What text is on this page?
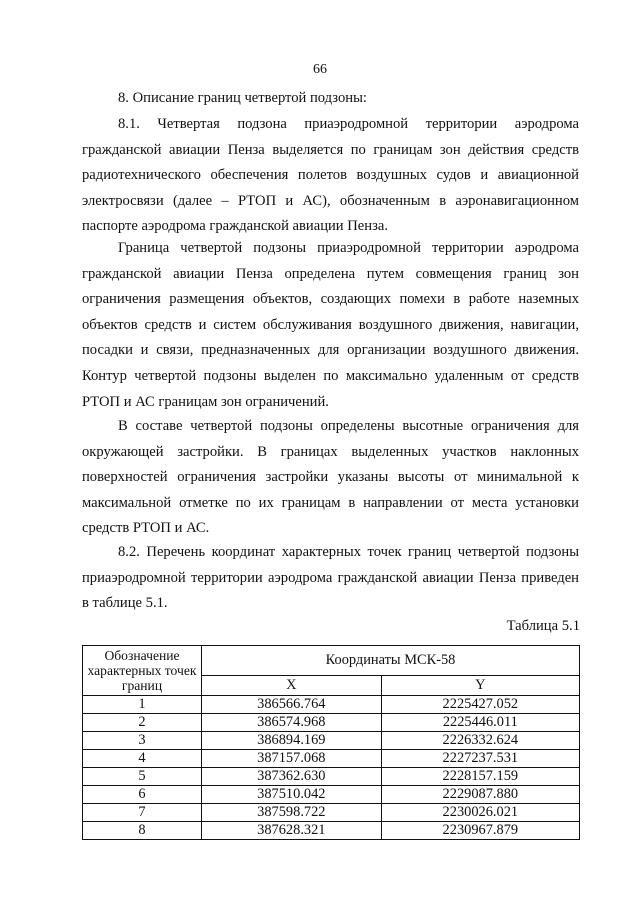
66
8. Описание границ четвертой подзоны:
8.1. Четвертая подзона приаэродромной территории аэродрома гражданской авиации Пенза выделяется по границам зон действия средств радиотехнического обеспечения полетов воздушных судов и авиационной электросвязи (далее – РТОП и АС), обозначенным в аэронавигационном паспорте аэродрома гражданской авиации Пенза.
Граница четвертой подзоны приаэродромной территории аэродрома гражданской авиации Пенза определена путем совмещения границ зон ограничения размещения объектов, создающих помехи в работе наземных объектов средств и систем обслуживания воздушного движения, навигации, посадки и связи, предназначенных для организации воздушного движения. Контур четвертой подзоны выделен по максимально удаленным от средств РТОП и АС границам зон ограничений.
В составе четвертой подзоны определены высотные ограничения для окружающей застройки. В границах выделенных участков наклонных поверхностей ограничения застройки указаны высоты от минимальной к максимальной отметке по их границам в направлении от места установки средств РТОП и АС.
8.2. Перечень координат характерных точек границ четвертой подзоны приаэродромной территории аэродрома гражданской авиации Пенза приведен в таблице 5.1.
Таблица 5.1
Обозначение характерных точек границ	Координаты МСК-58	
	X	Y
1	386566.764	2225427.052
2	386574.968	2225446.011
3	386894.169	2226332.624
4	387157.068	2227237.531
5	387362.630	2228157.159
6	387510.042	2229087.880
7	387598.722	2230026.021
8	387628.321	2230967.879
